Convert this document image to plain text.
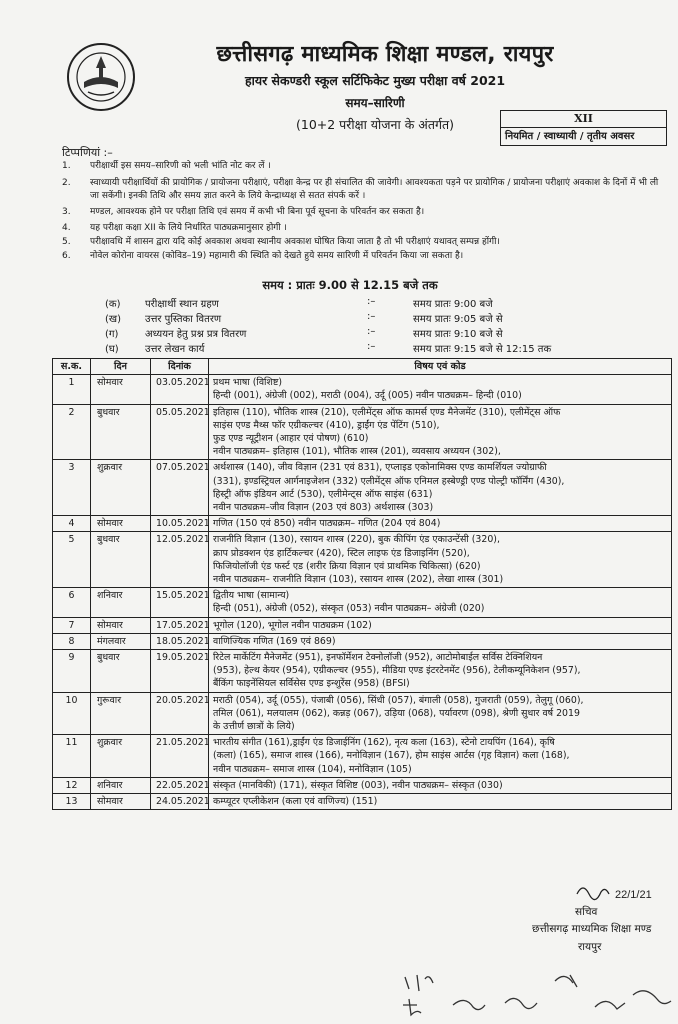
छत्तीसगढ़ माध्यमिक शिक्षा मण्डल, रायपुर
हायर सेकण्डरी स्कूल सर्टिफिकेट मुख्य परीक्षा वर्ष 2021
समय–सारिणी
(10+2 परीक्षा योजना के अंतर्गत)	XII
नियमित / स्वाध्यायी / तृतीय अवसर
टिप्पणियां :–
1. परीक्षार्थी इस समय–सारिणी को भली भांति नोट कर लें ।
2. स्वाध्यायी परीक्षार्थियों की प्रायोगिक / प्रायोजना परीक्षाएं, परीक्षा केन्द्र पर ही संचालित की जावेगी। आवश्यकता पड़ने पर प्रायोगिक / प्रायोजना परीक्षाएं अवकाश के दिनों में भी ली जा सकेंगी। इनकी तिथि और समय ज्ञात करने के लिये केन्द्राध्यक्ष से सतत संपर्क करें ।
3. मण्डल, आवश्यक होने पर परीक्षा तिथि एवं समय में कभी भी बिना पूर्व सूचना के परिवर्तन कर सकता है।
4. यह परीक्षा कक्षा XII के लिये निर्धारित पाठ्यक्रमानुसार होगी ।
5. परीक्षावधि में शासन द्वारा यदि कोई अवकाश अथवा स्थानीय अवकाश घोषित किया जाता है तो भी परीक्षाएं यथावत् सम्पन्न होंगी।
6. नोवेल कोरोना वायरस (कोविड–19) महामारी की स्थिति को देखते हुये समय सारिणी में परिवर्तन किया जा सकता है।
समय : प्रातः 9.00 से 12.15 बजे तक
(क) परीक्षार्थी स्थान ग्रहण	:–	समय प्रातः 9:00 बजे
(ख) उत्तर पुस्तिका वितरण	:–	समय प्रातः 9:05 बजे से
(ग)	अध्ययन हेतु प्रश्न प्रत्र वितरण	:–	समय प्रातः 9:10 बजे से
(घ)	उत्तर लेखन कार्य	:–	समय प्रातः 9:15 बजे से 12:15 तक
स.क.	दिन	दिनांक	विषय एवं कोड
1	सोमवार	03.05.2021	प्रथम भाषा (विशिष्ट)
हिन्दी (001), अंग्रेजी (002), मराठी (004), उर्दू (005) नवीन पाठ्यक्रम– हिन्दी (010)

2	बुधवार	05.05.2021	इतिहास (110), भौतिक शास्त्र (210), एलीमेंट्स ऑफ कामर्स एण्ड मैनेजमेंट (310), एलीमेंट्स ऑफ
साइंस एण्ड मैथ्स फॉर एग्रीकल्चर (410), ड्राईंग एंड पेंटिंग (510),
फुड एण्ड न्यूट्रीशन (आहार एवं पोषण) (610)
नवीन पाठ्यक्रम– इतिहास (101), भौतिक शास्त्र (201), व्यवसाय अध्ययन (302),

3	शुक्रवार	07.05.2021	अर्थशास्त्र (140), जीव विज्ञान (231 एवं 831), एप्लाइड एकोनामिक्स एण्ड कामर्शियल ज्योग्राफी
(331), इण्डस्ट्रियल आर्गनाइजेशन (332) एलीमेंट्स ऑफ एनिमल हस्बेण्ड्री एण्ड पोल्ट्री फॉर्मिंग (430),
हिस्ट्री ऑफ इंडियन आर्ट (530), एलीमेन्ट्स ऑफ साइंस (631)
नवीन पाठ्यक्रम–जीव विज्ञान (203 एवं 803) अर्थशास्त्र (303)

4	सोमवार	10.05.2021	गणित (150 एवं 850) नवीन पाठ्यक्रम– गणित (204 एवं 804)

5	बुधवार	12.05.2021	राजनीति विज्ञान (130), रसायन शास्त्र (220), बुक कीपिंग एंड एकाउन्टेंसी (320),
क्राप प्रोडक्शन एंड हार्टिकल्चर (420), स्टिल लाइफ एंड डिजाइनिंग (520),
फिजियोलॉजी एंड फर्स्ट एड (शरीर क्रिया विज्ञान एवं प्राथमिक चिकित्सा) (620)
नवीन पाठ्यक्रम– राजनीति विज्ञान (103), रसायन शास्त्र (202), लेखा शास्त्र (301)

6	शनिवार	15.05.2021	द्वितीय भाषा (सामान्य)
हिन्दी (051), अंग्रेजी (052), संस्कृत (053) नवीन पाठ्यक्रम– अंग्रेजी (020)

7	सोमवार	17.05.2021	भूगोल (120), भूगोल नवीन पाठ्यक्रम (102)

8	मंगलवार	18.05.2021	वाणिज्यिक गणित (169 एवं 869)

9	बुधवार	19.05.2021	रिटेल मार्केटिंग मैनेजमेंट (951), इनफॉर्मेशन टेक्नोलॉजी (952), आटोमोबाईल सर्विस टेक्निशियन
(953), हेल्थ केयर (954), एग्रीकल्चर (955), मीडिया एण्ड इंटरटेनमेंट (956), टेलीकम्यूनिकेशन (957),
बैंकिंग फाइनेंसियल सर्विसेस एण्ड इन्शुरेंस (958) (BFSI)

10	गुरूवार	20.05.2021	मराठी (054), उर्दू (055), पंजाबी (056), सिंधी (057), बंगाली (058), गुजराती (059), तेलुगू (060),
तमिल (061), मलयालम (062), कन्नड़ (067), उड़िया (068), पर्यावरण (098), श्रेणी सुधार वर्ष 2019
के उत्तीर्ण छात्रों के लिये)

11	शुक्रवार	21.05.2021	भारतीय संगीत (161),ड्राईंग एंड डिजाईनिंग (162), नृत्य कला (163), स्टेनो टायपिंग (164), कृषि
(कला) (165), समाज शास्त्र (166), मनोविज्ञान (167), होम साइंस आर्टस (गृह विज्ञान) कला (168),
नवीन पाठ्यक्रम– समाज शास्त्र (104), मनोविज्ञान (105)

12	शनिवार	22.05.2021	संस्कृत (मानविकी) (171), संस्कृत विशिष्ट (003), नवीन पाठ्यक्रम– संस्कृत (030)

13	सोमवार	24.05.2021	कम्प्यूटर एप्लीकेशन (कला एवं वाणिज्य) (151)
22/1/21
सचिव
छत्तीसगढ़ माध्यमिक शिक्षा मण्ड
रायपुर
